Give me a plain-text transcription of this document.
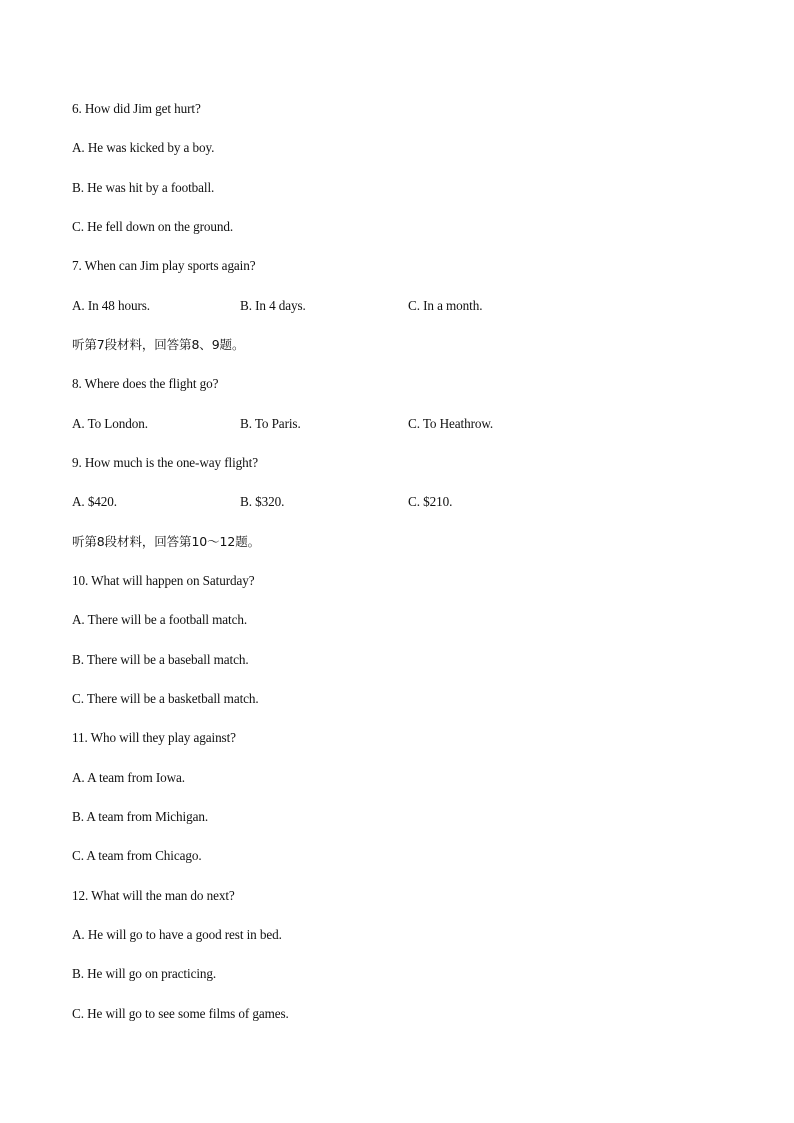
6. How did Jim get hurt?
A. He was kicked by a boy.
B. He was hit by a football.
C. He fell down on the ground.
7. When can Jim play sports again?
A. In 48 hours.	B. In 4 days.	C. In a month.
听第7段材料，回答第8、9题。
8. Where does the flight go?
A. To London.	B. To Paris.	C. To Heathrow.
9. How much is the one-way flight?
A. $420.	B. $320.	C. $210.
听第8段材料，回答第10～12题。
10. What will happen on Saturday?
A. There will be a football match.
B. There will be a baseball match.
C. There will be a basketball match.
11. Who will they play against?
A. A team from Iowa.
B. A team from Michigan.
C. A team from Chicago.
12. What will the man do next?
A. He will go to have a good rest in bed.
B. He will go on practicing.
C. He will go to see some films of games.
